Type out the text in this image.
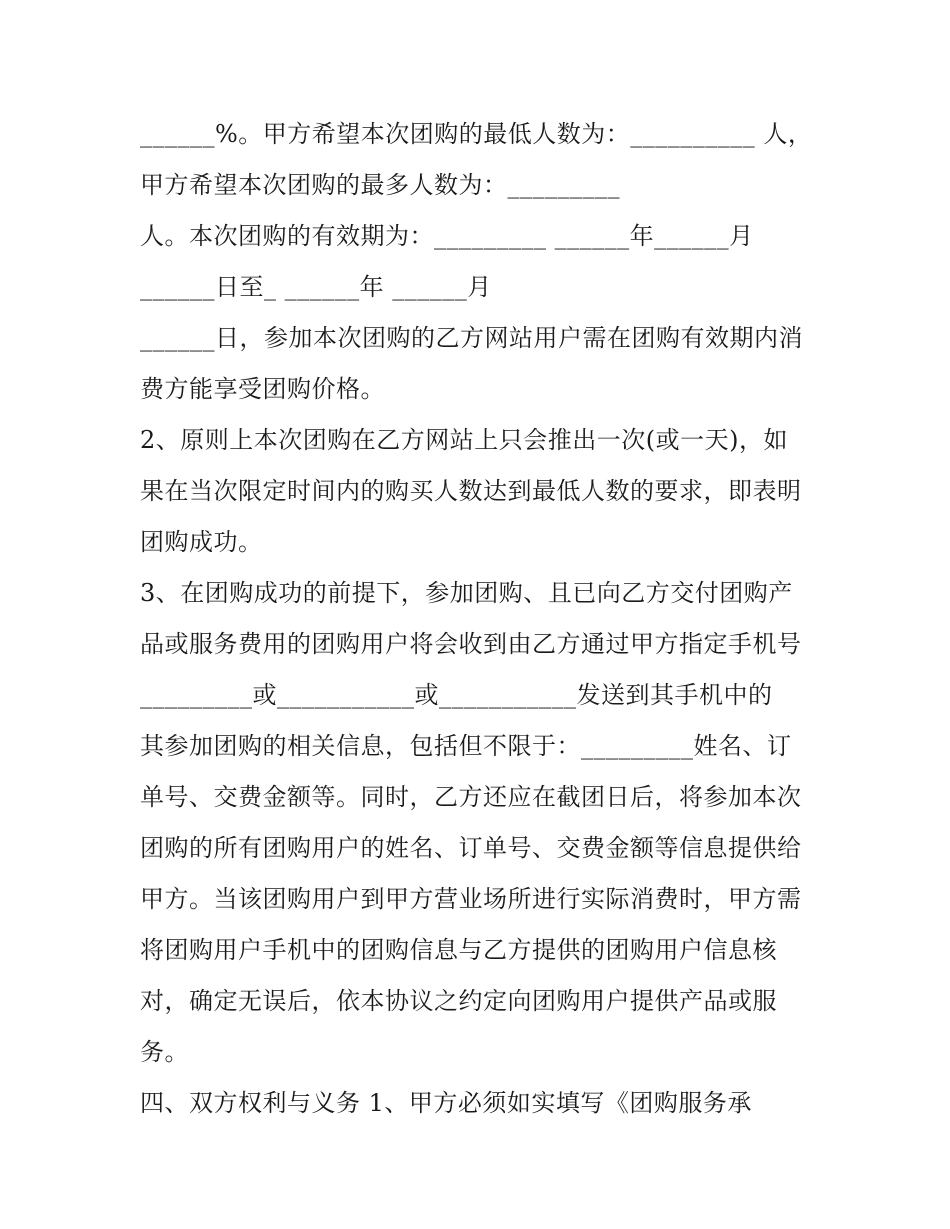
______%。甲方希望本次团购的最低人数为：__________ 人，
甲方希望本次团购的最多人数为：_________
人。本次团购的有效期为：_________ ______年______月
______日至_ ______年 ______月
______日，参加本次团购的乙方网站用户需在团购有效期内消
费方能享受团购价格。
2、原则上本次团购在乙方网站上只会推出一次(或一天)，如
果在当次限定时间内的购买人数达到最低人数的要求，即表明
团购成功。
3、在团购成功的前提下，参加团购、且已向乙方交付团购产
品或服务费用的团购用户将会收到由乙方通过甲方指定手机号
_________或___________或___________发送到其手机中的
其参加团购的相关信息，包括但不限于：_________姓名、订
单号、交费金额等。同时，乙方还应在截团日后，将参加本次
团购的所有团购用户的姓名、订单号、交费金额等信息提供给
甲方。当该团购用户到甲方营业场所进行实际消费时，甲方需
将团购用户手机中的团购信息与乙方提供的团购用户信息核
对，确定无误后，依本协议之约定向团购用户提供产品或服
务。
四、双方权利与义务 1、甲方必须如实填写《团购服务承
